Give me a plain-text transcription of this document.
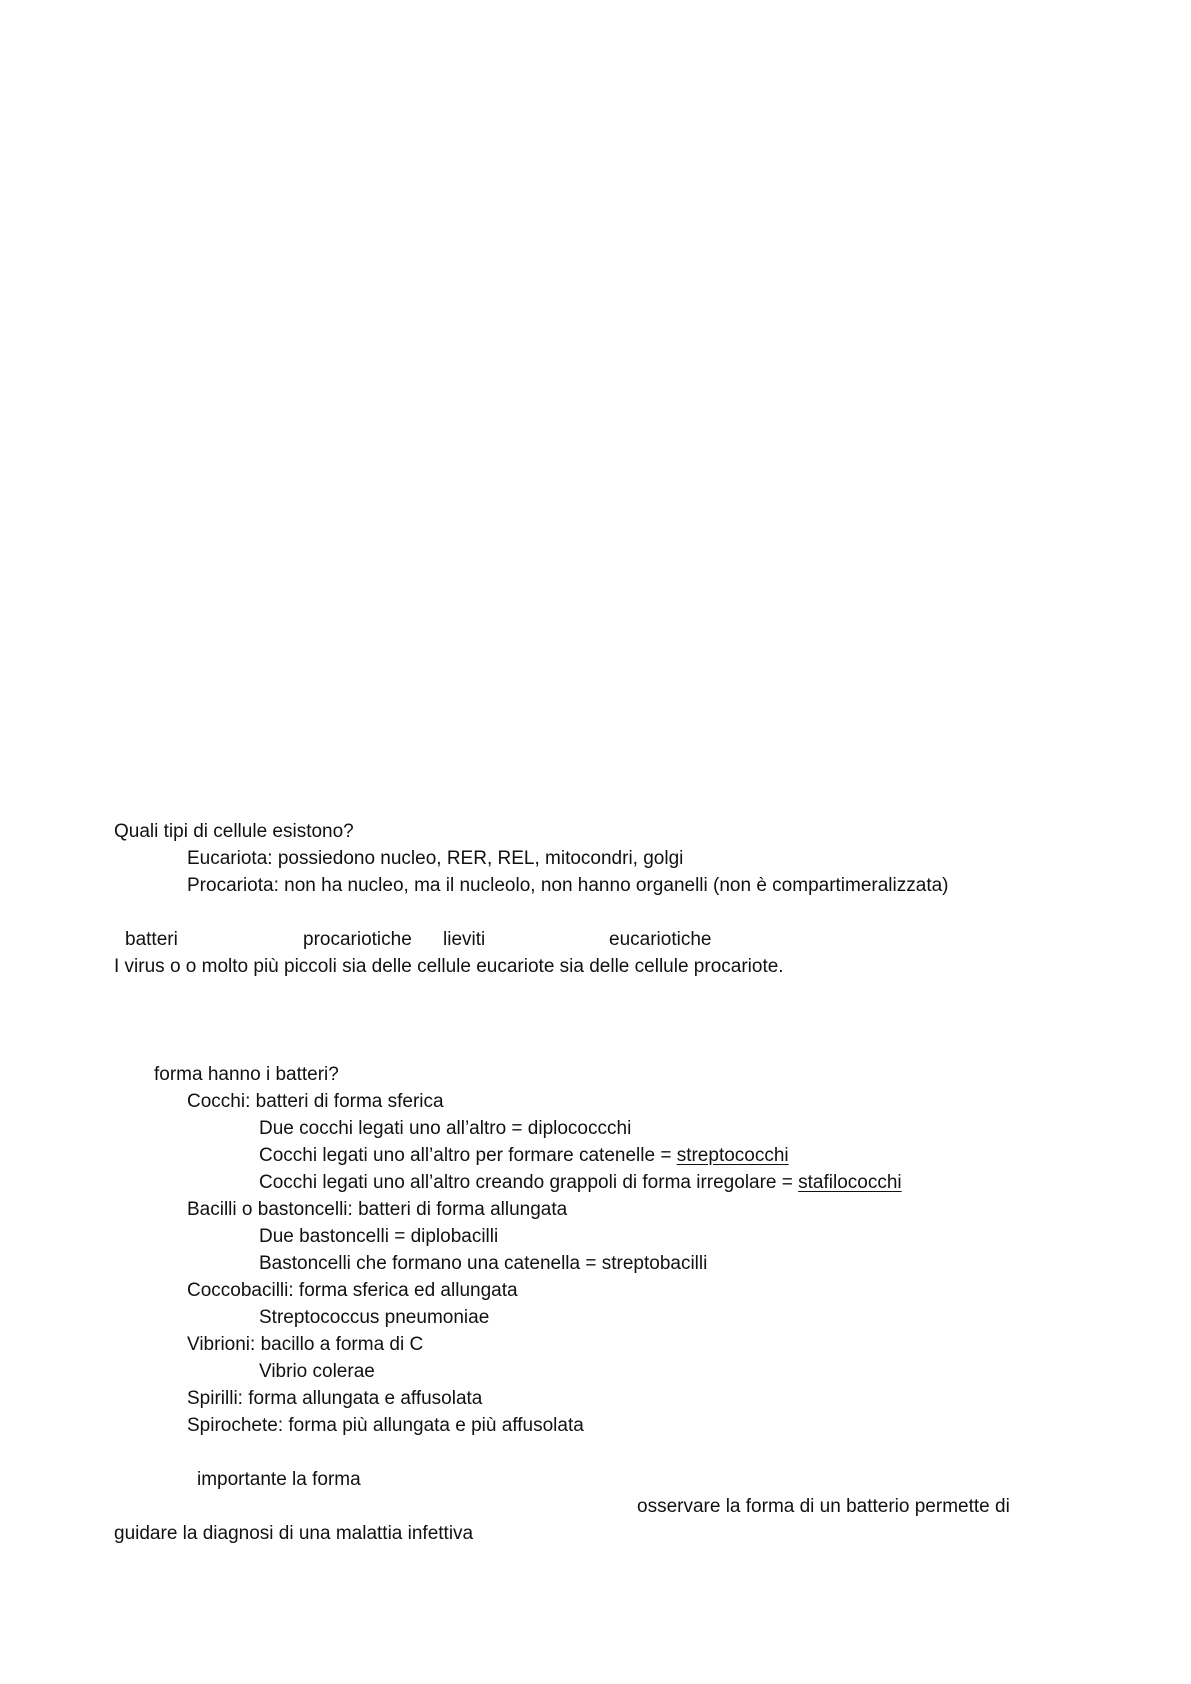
Quali tipi di cellule esistono?
Eucariota: possiedono nucleo, RER, REL, mitocondri, golgi
Procariota: non ha nucleo, ma il nucleolo, non hanno organelli (non è compartimeralizzata)
batteri	procariotiche lieviti	eucariotiche
I virus o o molto più piccoli sia delle cellule eucariote sia delle cellule procariote.
forma hanno i batteri?
Cocchi: batteri di forma sferica
Due cocchi legati uno all’altro = diplococcchi
Cocchi legati uno all’altro per formare catenelle = streptococchi
Cocchi legati uno all’altro creando grappoli di forma irregolare = stafilococchi
Bacilli o bastoncelli: batteri di forma allungata
Due bastoncelli = diplobacilli
Bastoncelli che formano una catenella = streptobacilli
Coccobacilli: forma sferica ed allungata
Streptococcus pneumoniae
Vibrioni: bacillo a forma di C
Vibrio colerae
Spirilli: forma allungata e affusolata
Spirochete: forma più allungata e più affusolata
importante la forma
osservare la forma di un batterio permette di
guidare la diagnosi di una malattia infettiva
